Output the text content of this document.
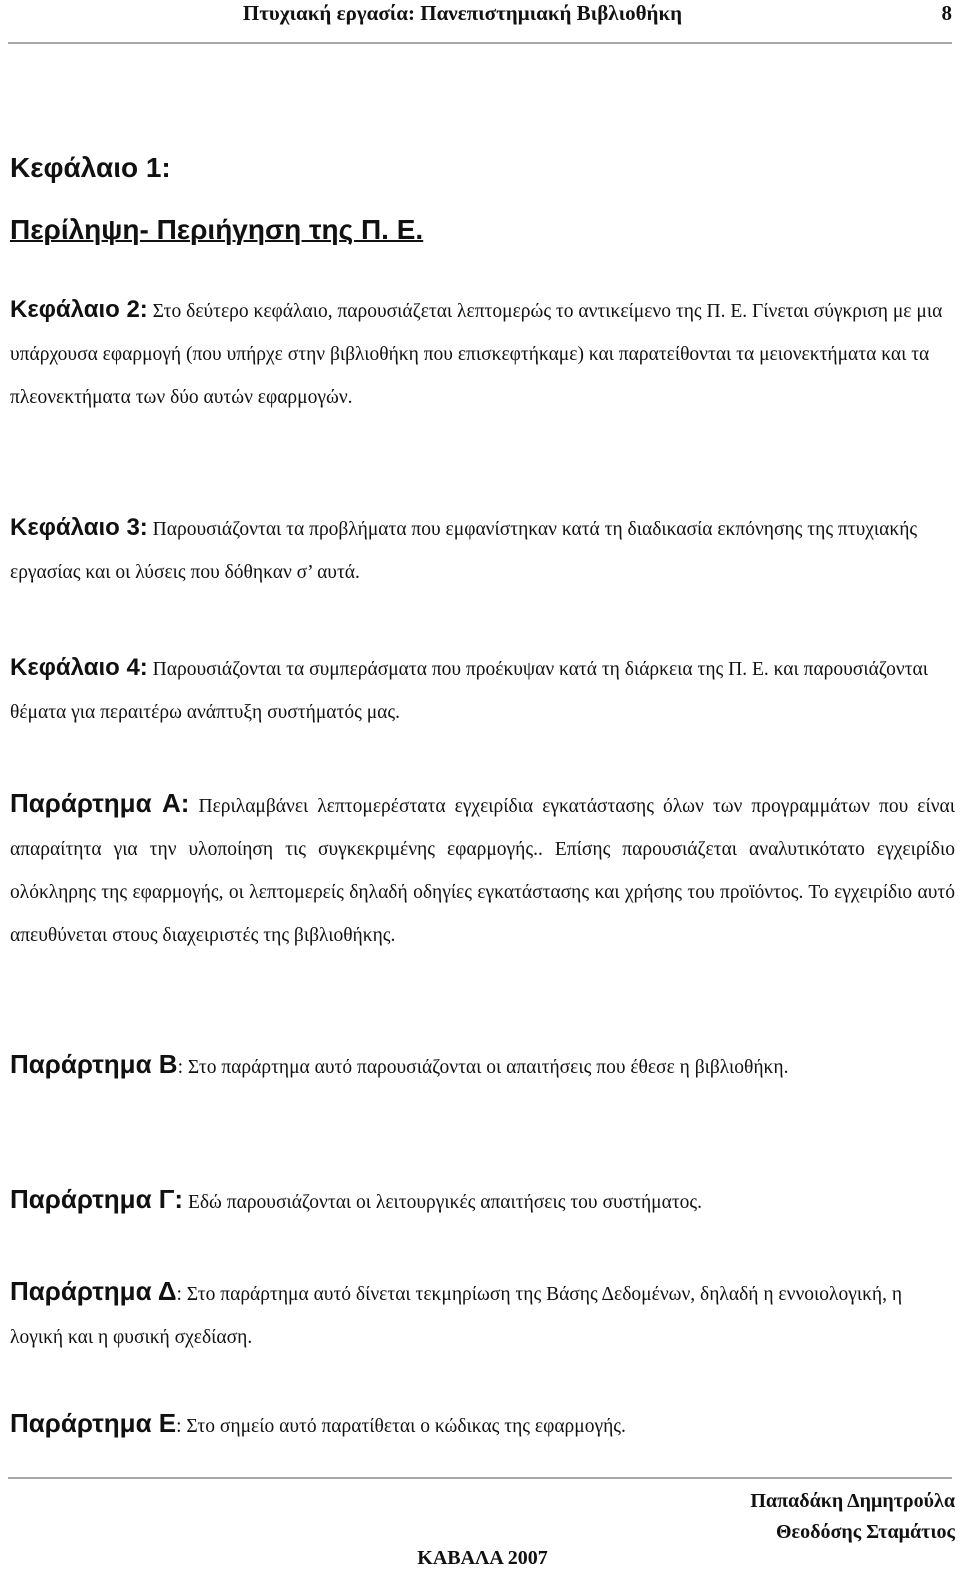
Πτυχιακή εργασία: Πανεπιστημιακή Βιβλιοθήκη	8
Κεφάλαιο 1:
Περίληψη- Περιήγηση της Π. Ε.
Κεφάλαιο 2: Στο δεύτερο κεφάλαιο, παρουσιάζεται λεπτομερώς το αντικείμενο της Π. Ε. Γίνεται σύγκριση με μια υπάρχουσα εφαρμογή (που υπήρχε στην βιβλιοθήκη που επισκεφτήκαμε) και παρατείθονται τα μειονεκτήματα και τα πλεονεκτήματα των δύο αυτών εφαρμογών.
Κεφάλαιο 3: Παρουσιάζονται τα προβλήματα που εμφανίστηκαν κατά τη διαδικασία εκπόνησης της πτυχιακής εργασίας και οι λύσεις που δόθηκαν σ’ αυτά.
Κεφάλαιο 4: Παρουσιάζονται τα συμπεράσματα που προέκυψαν κατά τη διάρκεια της Π. Ε. και παρουσιάζονται θέματα για περαιτέρω ανάπτυξη συστήματός μας.
Παράρτημα Α: Περιλαμβάνει λεπτομερέστατα εγχειρίδια εγκατάστασης όλων των προγραμμάτων που είναι απαραίτητα για την υλοποίηση τις συγκεκριμένης εφαρμογής.. Επίσης παρουσιάζεται αναλυτικότατο εγχειρίδιο ολόκληρης της εφαρμογής, οι λεπτομερείς δηλαδή οδηγίες εγκατάστασης και χρήσης του προϊόντος. Το εγχειρίδιο αυτό απευθύνεται στους διαχειριστές της βιβλιοθήκης.
Παράρτημα Β: Στο παράρτημα αυτό παρουσιάζονται οι απαιτήσεις που έθεσε η βιβλιοθήκη.
Παράρτημα Γ: Εδώ παρουσιάζονται οι λειτουργικές απαιτήσεις του συστήματος.
Παράρτημα Δ: Στο παράρτημα αυτό δίνεται τεκμηρίωση της Βάσης Δεδομένων, δηλαδή η εννοιολογική, η λογική και η φυσική σχεδίαση.
Παράρτημα Ε: Στο σημείο αυτό παρατίθεται ο κώδικας της εφαρμογής.
Παπαδάκη Δημητρούλα
Θεοδόσης Σταμάτιος
ΚΑΒΑΛΑ 2007
